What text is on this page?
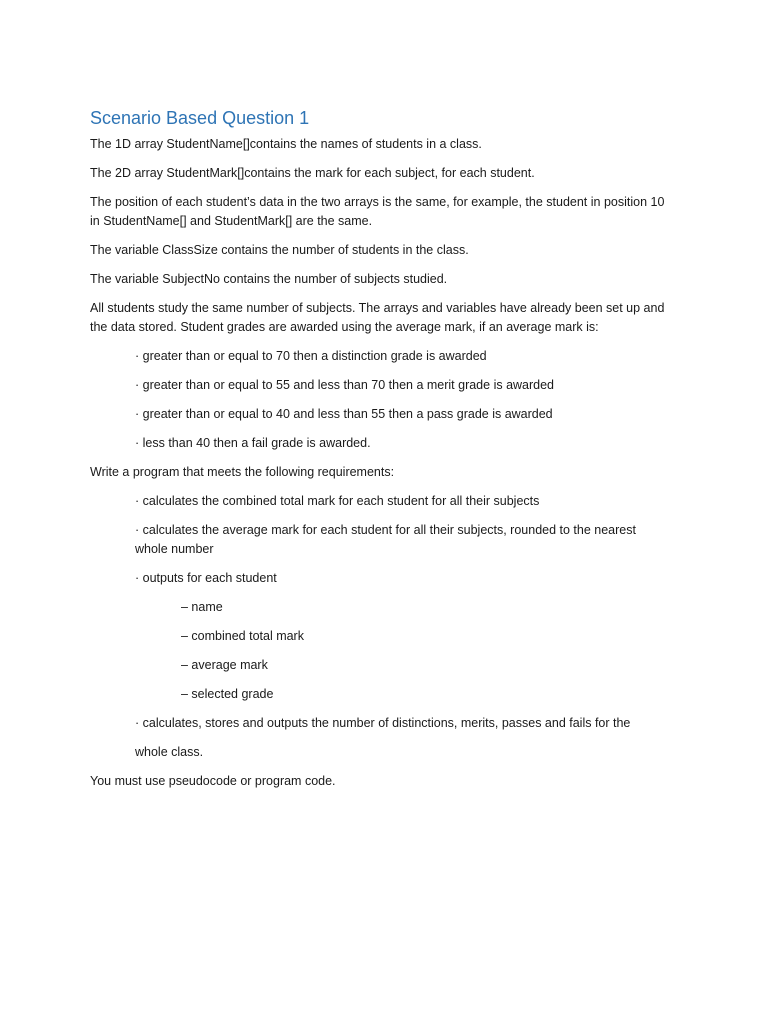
Scenario Based Question 1

The 1D array StudentName[]contains the names of students in a class.

The 2D array StudentMark[]contains the mark for each subject, for each student.

The position of each student’s data in the two arrays is the same, for example, the student in position 10

in StudentName[] and StudentMark[] are the same.

The variable ClassSize contains the number of students in the class.

The variable SubjectNo contains the number of subjects studied.

All students study the same number of subjects. The arrays and variables have already been set up and

the data stored. Student grades are awarded using the average mark, if an average mark is:

· greater than or equal to 70 then a distinction grade is awarded

· greater than or equal to 55 and less than 70 then a merit grade is awarded

· greater than or equal to 40 and less than 55 then a pass grade is awarded

· less than 40 then a fail grade is awarded.

Write a program that meets the following requirements:

· calculates the combined total mark for each student for all their subjects

· calculates the average mark for each student for all their subjects, rounded to the nearest

whole number

· outputs for each student

– name

– combined total mark

– average mark

– selected grade

· calculates, stores and outputs the number of distinctions, merits, passes and fails for the

whole class.

You must use pseudocode or program code.
